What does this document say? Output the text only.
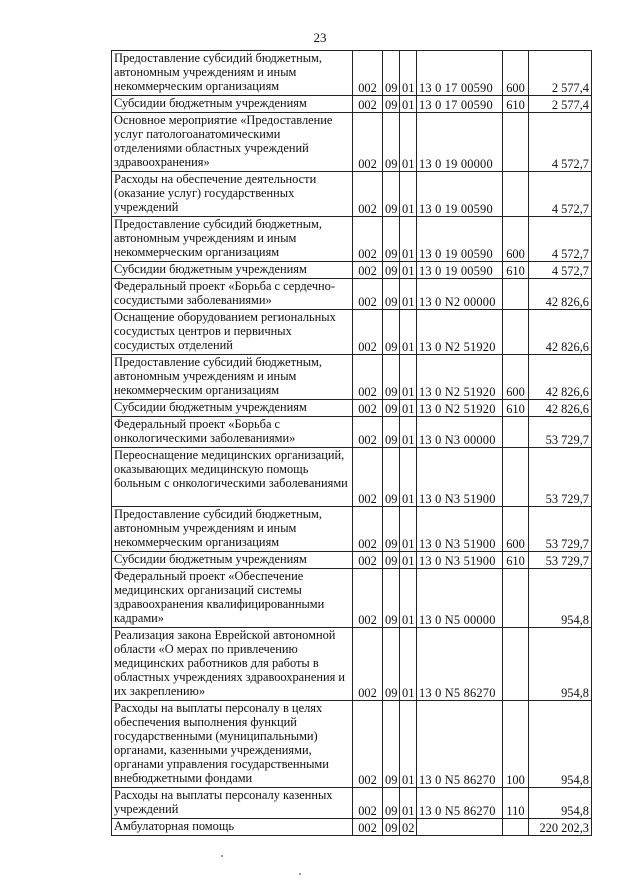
23
Предоставление субсидий бюджетным, автономным учреждениям и иным некоммерческим организациям	002	09	01	13 0 17 00590	600	2 577,4
Субсидии бюджетным учреждениям	002	09	01	13 0 17 00590	610	2 577,4
Основное мероприятие «Предоставление услуг патологоанатомическими отделениями областных учреждений здравоохранения»	002	09	01	13 0 19 00000		4 572,7
Расходы на обеспечение деятельности (оказание услуг) государственных учреждений	002	09	01	13 0 19 00590		4 572,7
Предоставление субсидий бюджетным, автономным учреждениям и иным некоммерческим организациям	002	09	01	13 0 19 00590	600	4 572,7
Субсидии бюджетным учреждениям	002	09	01	13 0 19 00590	610	4 572,7
Федеральный проект «Борьба с сердечно-сосудистыми заболеваниями»	002	09	01	13 0 N2 00000		42 826,6
Оснащение оборудованием региональных сосудистых центров и первичных сосудистых отделений	002	09	01	13 0 N2 51920		42 826,6
Предоставление субсидий бюджетным, автономным учреждениям и иным некоммерческим организациям	002	09	01	13 0 N2 51920	600	42 826,6
Субсидии бюджетным учреждениям	002	09	01	13 0 N2 51920	610	42 826,6
Федеральный проект «Борьба с онкологическими заболеваниями»	002	09	01	13 0 N3 00000		53 729,7
Переоснащение медицинских организаций, оказывающих медицинскую помощь больным с онкологическими заболеваниями	002	09	01	13 0 N3 51900		53 729,7
Предоставление субсидий бюджетным, автономным учреждениям и иным некоммерческим организациям	002	09	01	13 0 N3 51900	600	53 729,7
Субсидии бюджетным учреждениям	002	09	01	13 0 N3 51900	610	53 729,7
Федеральный проект «Обеспечение медицинских организаций системы здравоохранения квалифицированными кадрами»	002	09	01	13 0 N5 00000		954,8
Реализация закона Еврейской автономной области «О мерах по привлечению медицинских работников для работы в областных учреждениях здравоохранения и их закреплению»	002	09	01	13 0 N5 86270		954,8
Расходы на выплаты персоналу в целях обеспечения выполнения функций государственными (муниципальными) органами, казенными учреждениями, органами управления государственными внебюджетными фондами	002	09	01	13 0 N5 86270	100	954,8
Расходы на выплаты персоналу казенных учреждений	002	09	01	13 0 N5 86270	110	954,8
Амбулаторная помощь	002	09	02			220 202,3
